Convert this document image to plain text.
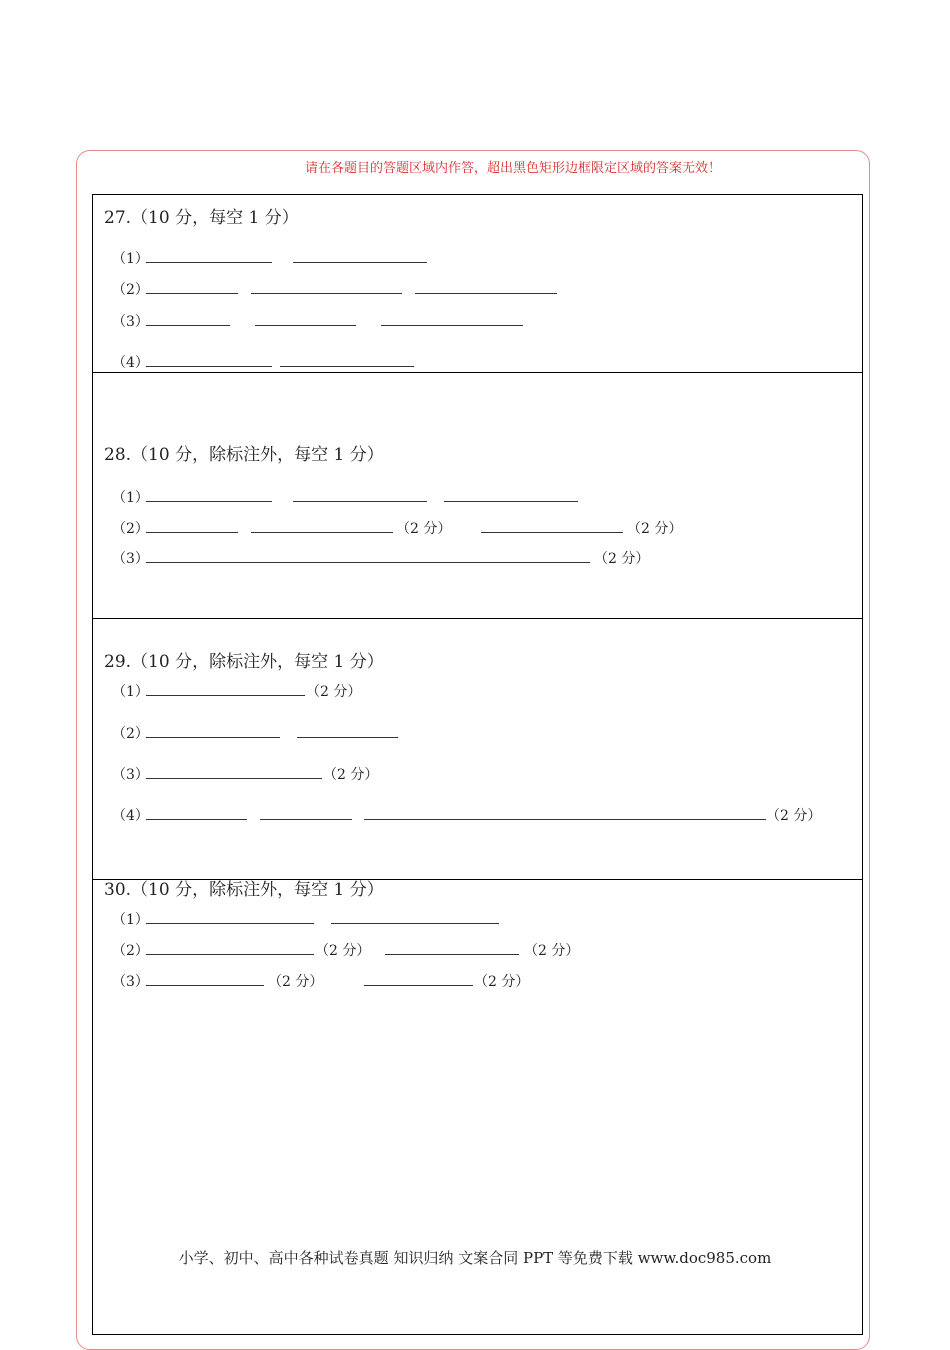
请在各题目的答题区域内作答，超出黑色矩形边框限定区域的答案无效！
27.（10 分，每空 1 分）
（1）
（2）
（3）
（4）
28.（10 分，除标注外，每空 1 分）
（1）
（2）	（2 分）	（2 分）
（3）	（2 分）
29.（10 分，除标注外，每空 1 分）
（1）	（2 分）
（2）
（3）	（2 分）
（4）	（2 分）
30.（10 分，除标注外，每空 1 分）
（1）
（2）	（2 分）	（2 分）
（3）	（2 分）	（2 分）
小学、初中、高中各种试卷真题 知识归纳 文案合同 PPT 等免费下载 www.doc985.com
